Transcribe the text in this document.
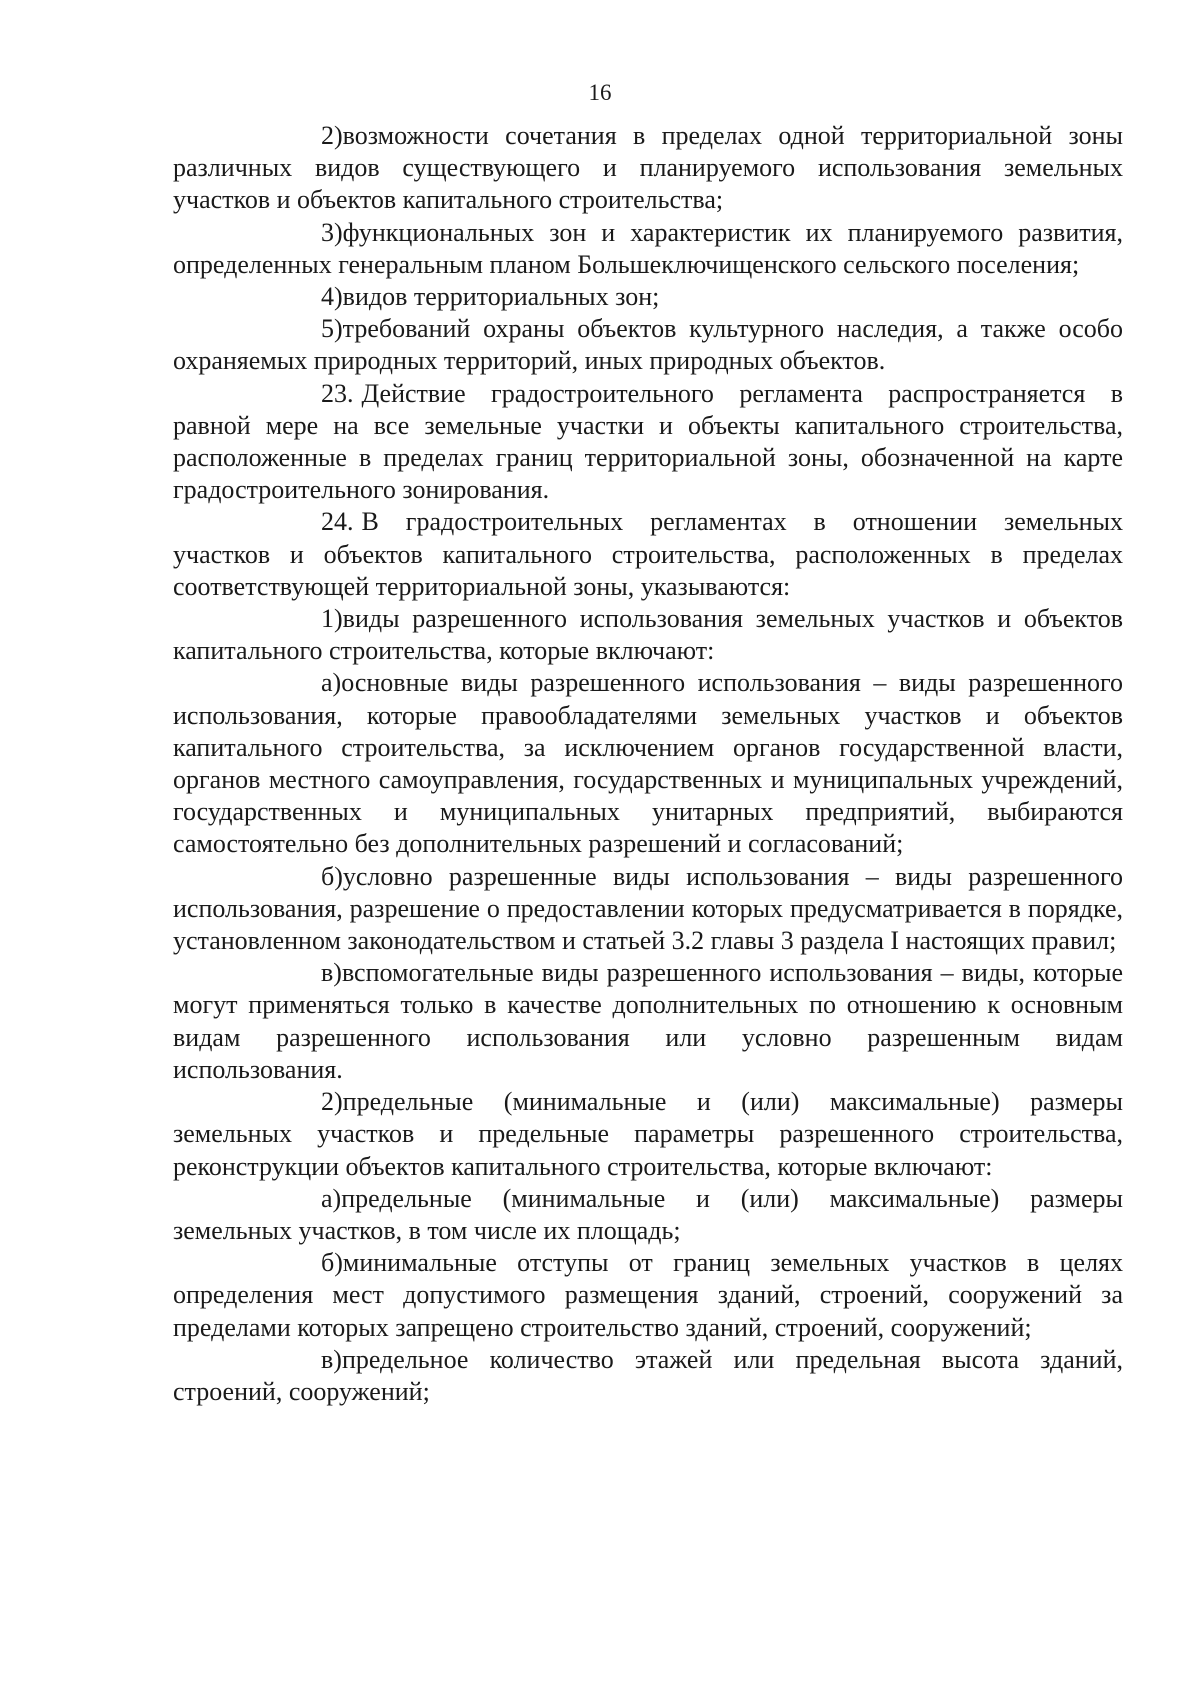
16

2)возможности сочетания в пределах одной территориальной зоны различных видов существующего и планируемого использования земельных участков и объектов капитального строительства;

3)функциональных зон и характеристик их планируемого развития, определенных генеральным планом Большеключищенского сельского поселения;

4)видов территориальных зон;

5)требований охраны объектов культурного наследия, а также особо охраняемых природных территорий, иных природных объектов.

23. Действие градостроительного регламента распространяется в равной мере на все земельные участки и объекты капитального строительства, расположенные в пределах границ территориальной зоны, обозначенной на карте градостроительного зонирования.

24. В градостроительных регламентах в отношении земельных участков и объектов капитального строительства, расположенных в пределах соответствующей территориальной зоны, указываются:

1)виды разрешенного использования земельных участков и объектов капитального строительства, которые включают:

а)основные виды разрешенного использования – виды разрешенного использования, которые правообладателями земельных участков и объектов капитального строительства, за исключением органов государственной власти, органов местного самоуправления, государственных и муниципальных учреждений, государственных и муниципальных унитарных предприятий, выбираются самостоятельно без дополнительных разрешений и согласований;

б)условно разрешенные виды использования – виды разрешенного использования, разрешение о предоставлении которых предусматривается в порядке, установленном законодательством и статьей 3.2 главы 3 раздела I настоящих правил;

в)вспомогательные виды разрешенного использования – виды, которые могут применяться только в качестве дополнительных по отношению к основным видам разрешенного использования или условно разрешенным видам использования.

2)предельные (минимальные и (или) максимальные) размеры земельных участков и предельные параметры разрешенного строительства, реконструкции объектов капитального строительства, которые включают:

а)предельные (минимальные и (или) максимальные) размеры земельных участков, в том числе их площадь;

б)минимальные отступы от границ земельных участков в целях определения мест допустимого размещения зданий, строений, сооружений за пределами которых запрещено строительство зданий, строений, сооружений;

в)предельное количество этажей или предельная высота зданий, строений, сооружений;
